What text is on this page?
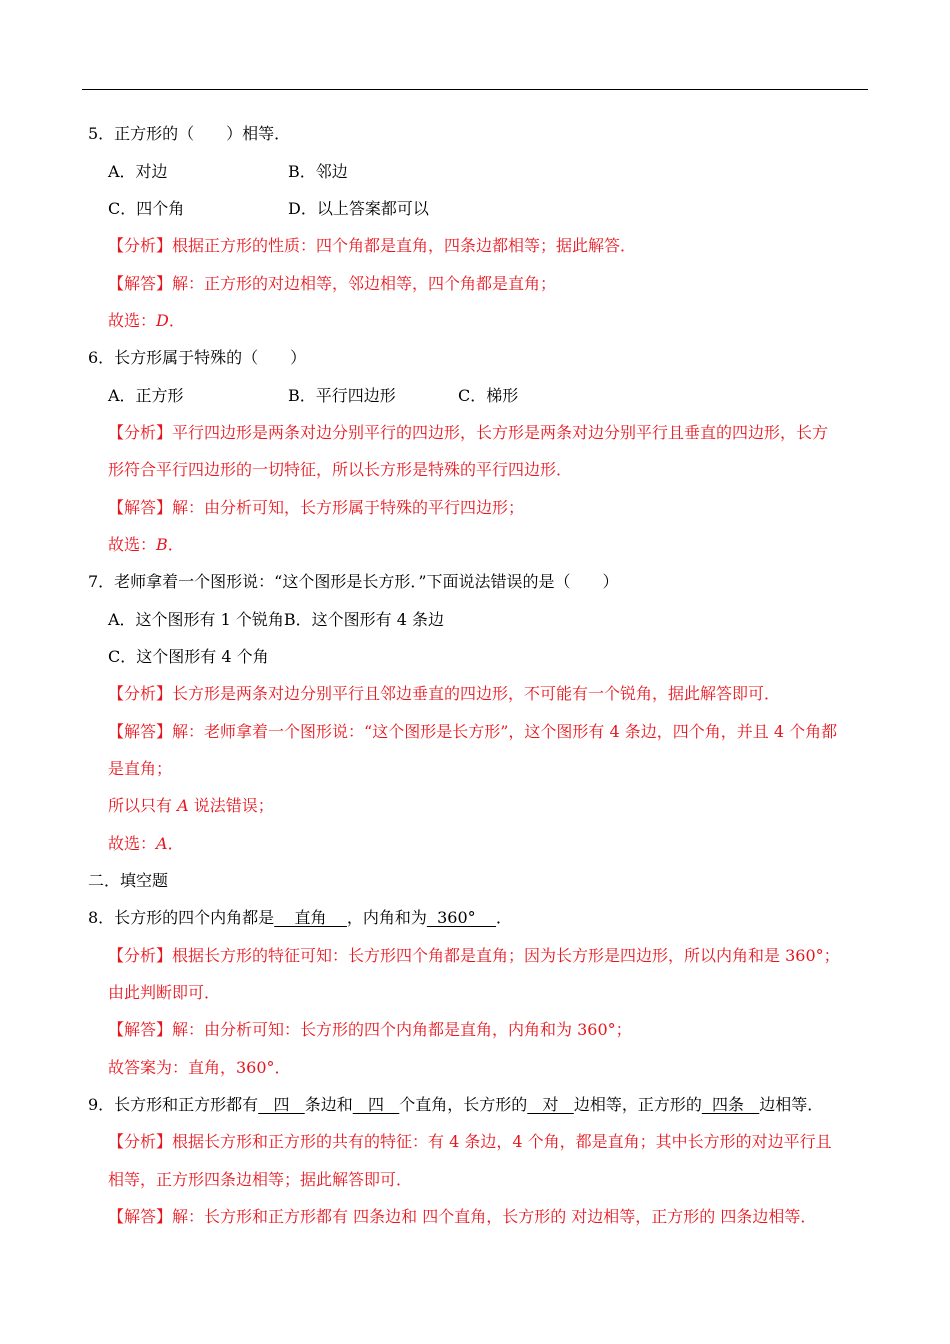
5．正方形的（　　）相等．
A．对边	B．邻边
C．四个角	D．以上答案都可以
【分析】根据正方形的性质：四个角都是直角，四条边都相等；据此解答．
【解答】解：正方形的对边相等，邻边相等，四个角都是直角；
故选：D．
6．长方形属于特殊的（　　）
A．正方形	B．平行四边形	C．梯形
【分析】平行四边形是两条对边分别平行的四边形，长方形是两条对边分别平行且垂直的四边形，长方
形符合平行四边形的一切特征，所以长方形是特殊的平行四边形．
【解答】解：由分析可知，长方形属于特殊的平行四边形；
故选：B．
7．老师拿着一个图形说：“这个图形是长方形．”下面说法错误的是（　　）
A．这个图形有 1 个锐角B．这个图形有 4 条边
C．这个图形有 4 个角
【分析】长方形是两条对边分别平行且邻边垂直的四边形，不可能有一个锐角，据此解答即可．
【解答】解：老师拿着一个图形说：“这个图形是长方形”，这个图形有 4 条边，四个角，并且 4 个角都
是直角；
所以只有 A 说法错误；
故选：A．
二．填空题
8．长方形的四个内角都是    直角    ，内角和为  360°    ．
【分析】根据长方形的特征可知：长方形四个角都是直角；因为长方形是四边形，所以内角和是 360°；
由此判断即可．
【解答】解：由分析可知：长方形的四个内角都是直角，内角和为 360°；
故答案为：直角，360°．
9．长方形和正方形都有   四   条边和   四   个直角，长方形的   对   边相等，正方形的  四条   边相等．
【分析】根据长方形和正方形的共有的特征：有 4 条边，4 个角，都是直角；其中长方形的对边平行且
相等，正方形四条边相等；据此解答即可．
【解答】解：长方形和正方形都有 四条边和 四个直角，长方形的 对边相等，正方形的 四条边相等．
